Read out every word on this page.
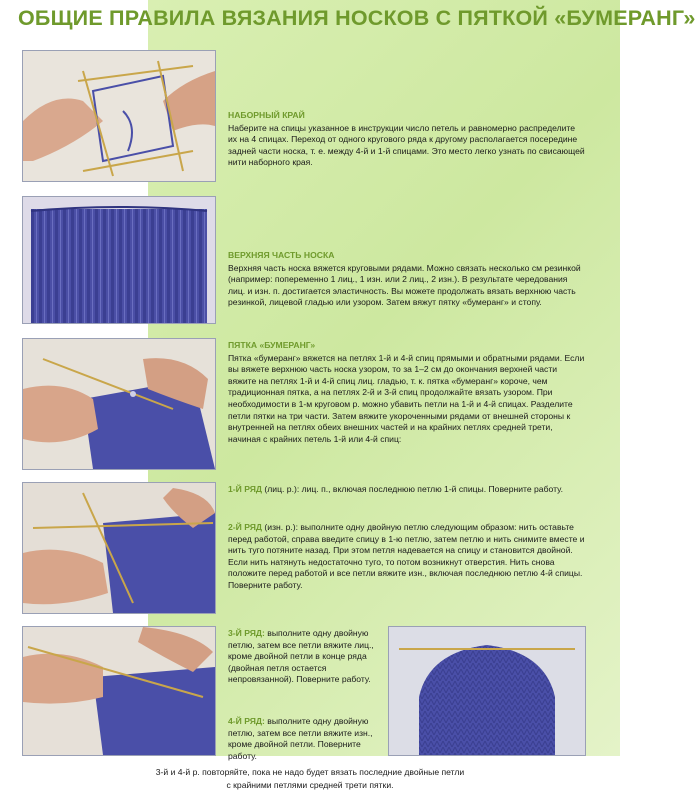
ОБЩИЕ ПРАВИЛА ВЯЗАНИЯ НОСКОВ С ПЯТКОЙ «БУМЕРАНГ»
НАБОРНЫЙ КРАЙ

Наберите на спицы указанное в инструкции число петель и равномерно распределите их на 4 спицах. Переход от одного кругового ряда к другому располагается посередине задней части носка, т. е. между 4-й и 1-й спицами. Это место легко узнать по свисающей нити наборного края.

ВЕРХНЯЯ ЧАСТЬ НОСКА

Верхняя часть носка вяжется круговыми рядами. Можно связать несколько см резинкой (например: попеременно 1 лиц., 1 изн. или 2 лиц., 2 изн.). В результате чередования лиц. и изн. п. достигается эластичность. Вы можете продолжать вязать верхнюю часть резинкой, лицевой гладью или узором. Затем вяжут пятку «бумеранг» и стопу.

ПЯТКА «БУМЕРАНГ»

Пятка «бумеранг» вяжется на петлях 1-й и 4-й спиц прямыми и обратными рядами. Если вы вяжете верхнюю часть носка узором, то за 1–2 см до окончания верхней части вяжите на петлях 1-й и 4-й спиц лиц. гладью, т. к. пятка «бумеранг» короче, чем традиционная пятка, а на петлях 2-й и 3-й спиц продолжайте вязать узором. При необходимости в 1-м круговом р. можно убавить петли на 1-й и 4-й спицах. Разделите петли пятки на три части. Затем вяжите укороченными рядами от внешней стороны к внутренней на петлях обеих внешних частей и на крайних петлях средней трети, начиная с крайних петель 1-й или 4-й спиц:

1-Й РЯД (лиц. р.): лиц. п., включая последнюю петлю 1-й спицы. Поверните работу.

2-Й РЯД (изн. р.): выполните одну двойную петлю следующим образом: нить оставьте перед работой, справа введите спицу в 1-ю петлю, затем петлю и нить снимите вместе и нить туго потяните назад. При этом петля надевается на спицу и становится двойной. Если нить натянуть недостаточно туго, то потом возникнут отверстия. Нить снова положите перед работой и все петли вяжите изн., включая последнюю петлю 4-й спицы. Поверните работу.

3-Й РЯД: выполните одну двойную петлю, затем все петли вяжите лиц., кроме двойной петли в конце ряда (двойная петля остается непровязанной). Поверните работу.

4-Й РЯД: выполните одну двойную петлю, затем все петли вяжите изн., кроме двойной петли. Поверните работу.

3-й и 4-й р. повторяйте, пока не надо будет вязать последние двойные петли
с крайними петлями средней трети пятки.
